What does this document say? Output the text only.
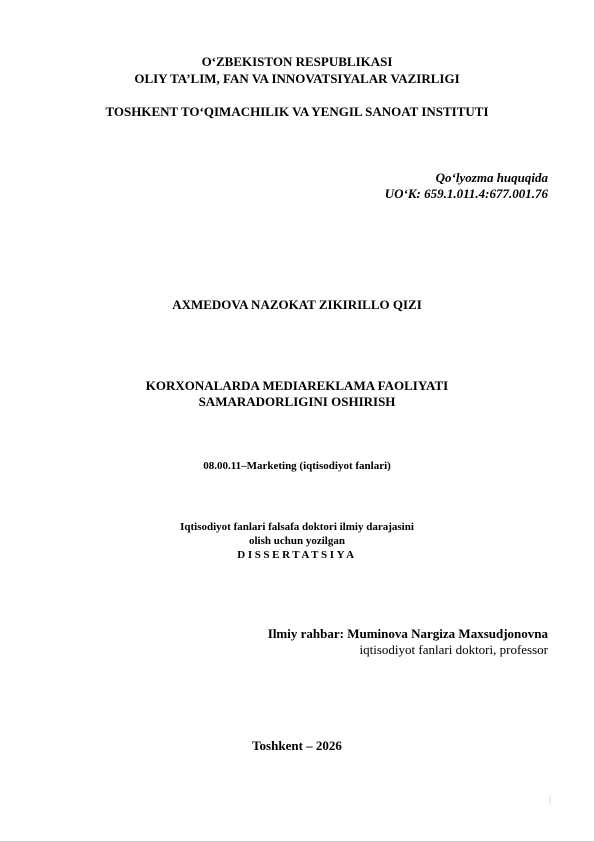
O‘ZBEKISTON RESPUBLIKASI
OLIY TA’LIM, FAN VA INNOVATSIYALAR VAZIRLIGI
TOSHKENT TO‘QIMACHILIK VA YENGIL SANOAT INSTITUTI
Qo‘lyozma huquqida
UO‘K: 659.1.011.4:677.001.76
AXMEDOVA NAZOKAT ZIKIRILLO QIZI
KORXONALARDA MEDIAREKLAMA FAOLIYATI
SAMARADORLIGINI OSHIRISH
08.00.11–Marketing (iqtisodiyot fanlari)
Iqtisodiyot fanlari falsafa doktori ilmiy darajasini
olish uchun yozilgan
DISSERTATSIYA
Ilmiy rahbar: Muminova Nargiza Maxsudjonovna
iqtisodiyot fanlari doktori, professor
Toshkent – 2026
|
